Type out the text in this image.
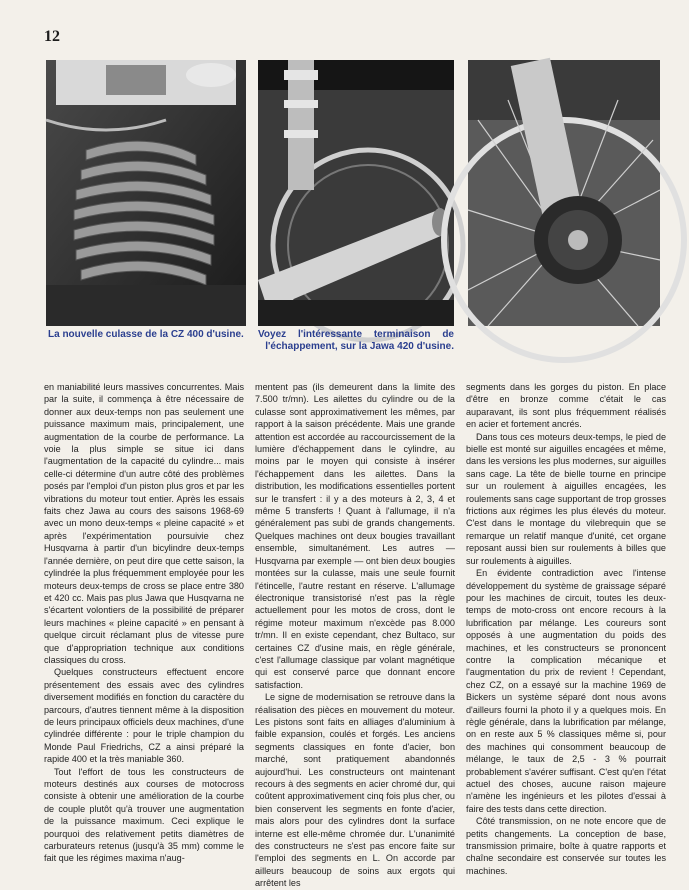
12
La nouvelle culasse de la CZ 400 d'usine.	Voyez l'intéressante terminaison de l'échappement, sur la Jawa 420 d'usine.

en maniabilité leurs massives concurrentes. Mais par la suite, il commença à être nécessaire de donner aux deux-temps non pas seulement une puissance maximum mais, principalement, une augmentation de la courbe de performance. La voie la plus simple se situe ici dans l'augmentation de la capacité du cylindre... mais celle-ci détermine d'un autre côté des problèmes posés par l'emploi d'un piston plus gros et par les vibrations du moteur tout entier. Après les essais faits chez Jawa au cours des saisons 1968-69 avec un mono deux-temps « pleine capacité » et après l'expérimentation poursuivie chez Husqvarna à partir d'un bicylindre deux-temps l'année dernière, on peut dire que cette saison, la cylindrée la plus fréquemment employée pour les moteurs deux-temps de cross se place entre 380 et 420 cc. Mais pas plus Jawa que Husqvarna ne s'écartent volontiers de la possibilité de préparer leurs machines « pleine capacité » en pensant à quelque circuit réclamant plus de vitesse pure que d'appropriation technique aux conditions classiques du cross.

Quelques constructeurs effectuent encore présentement des essais avec des cylindres diversement modifiés en fonction du caractère du parcours, d'autres tiennent même à la disposition de leurs principaux officiels deux machines, d'une cylindrée différente : pour le triple champion du Monde Paul Friedrichs, CZ a ainsi préparé la rapide 400 et la très maniable 360.

Tout l'effort de tous les constructeurs de moteurs destinés aux courses de motocross consiste à obtenir une amélioration de la courbe de couple plutôt qu'à trouver une augmentation de la puissance maximum. Ceci explique le pourquoi des relativement petits diamètres de carburateurs retenus (jusqu'à 35 mm) comme le fait que les régimes maxima n'aug-

mentent pas (ils demeurent dans la limite des 7.500 tr/mn). Les ailettes du cylindre ou de la culasse sont approximativement les mêmes, par rapport à la saison précédente. Mais une grande attention est accordée au raccourcissement de la lumière d'échappement dans le cylindre, au moins par le moyen qui consiste à insérer l'échappement dans les ailettes. Dans la distribution, les modifications essentielles portent sur le transfert : il y a des moteurs à 2, 3, 4 et même 5 transferts ! Quant à l'allumage, il n'a généralement pas subi de grands changements. Quelques machines ont deux bougies travaillant ensemble, simultanément. Les autres — Husqvarna par exemple — ont bien deux bougies montées sur la culasse, mais une seule fournit l'étincelle, l'autre restant en réserve. L'allumage électronique transistorisé n'est pas la règle actuellement pour les motos de cross, dont le régime moteur maximum n'excède pas 8.000 tr/mn. Il en existe cependant, chez Bultaco, sur certaines CZ d'usine mais, en règle générale, c'est l'allumage classique par volant magnétique qui est conservé parce que donnant encore satisfaction.

Le signe de modernisation se retrouve dans la réalisation des pièces en mouvement du moteur. Les pistons sont faits en alliages d'aluminium à faible expansion, coulés et forgés. Les anciens segments classiques en fonte d'acier, bon marché, sont pratiquement abandonnés aujourd'hui. Les constructeurs ont maintenant recours à des segments en acier chromé dur, qui coûtent approximativement cinq fois plus cher, ou bien conservent les segments en fonte d'acier, mais alors pour des cylindres dont la surface interne est elle-même chromée dur. L'unanimité des constructeurs ne s'est pas encore faite sur l'emploi des segments en L. On accorde par ailleurs beaucoup de soins aux ergots qui arrêtent les

segments dans les gorges du piston. En place d'être en bronze comme c'était le cas auparavant, ils sont plus fréquemment réalisés en acier et fortement ancrés.

Dans tous ces moteurs deux-temps, le pied de bielle est monté sur aiguilles encagées et même, dans les versions les plus modernes, sur aiguilles sans cage. La tête de bielle tourne en principe sur un roulement à aiguilles encagées, les roulements sans cage supportant de trop grosses frictions aux régimes les plus élevés du moteur. C'est dans le montage du vilebrequin que se remarque un relatif manque d'unité, cet organe reposant aussi bien sur roulements à billes que sur roulements à aiguilles.

En évidente contradiction avec l'intense développement du système de graissage séparé pour les machines de circuit, toutes les deux-temps de moto-cross ont encore recours à la lubrification par mélange. Les coureurs sont opposés à une augmentation du poids des machines, et les constructeurs se prononcent contre la complication mécanique et l'augmentation du prix de revient ! Cependant, chez CZ, on a essayé sur la machine 1969 de Bickers un système séparé dont nous avons d'ailleurs fourni la photo il y a quelques mois. En règle générale, dans la lubrification par mélange, on en reste aux 5 % classiques même si, pour des machines qui consomment beaucoup de mélange, le taux de 2,5 - 3 % pourrait probablement s'avérer suffisant. C'est qu'en l'état actuel des choses, aucune raison majeure n'amène les ingénieurs et les pilotes d'essai à faire des tests dans cette direction.

Côté transmission, on ne note encore que de petits changements. La conception de base, transmission primaire, boîte à quatre rapports et chaîne secondaire est conservée sur toutes les machines.
